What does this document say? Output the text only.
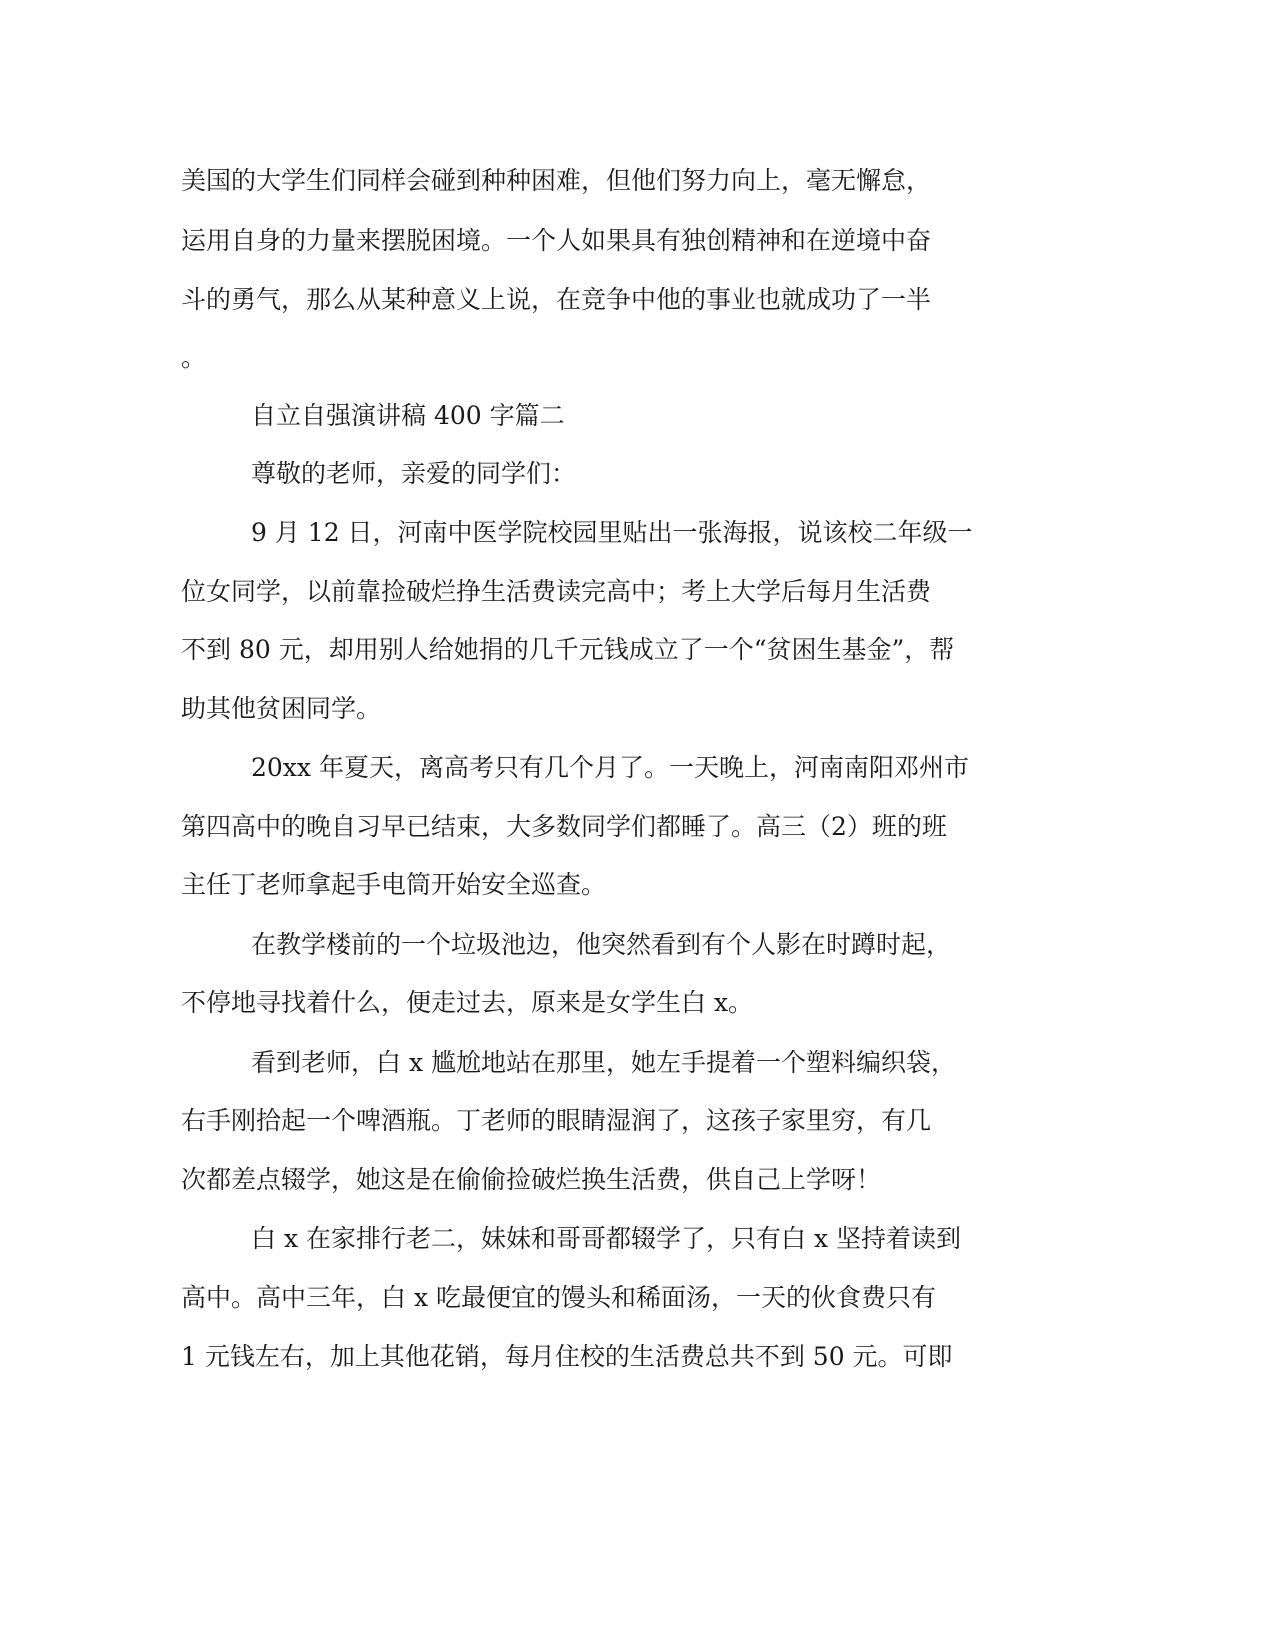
美国的大学生们同样会碰到种种困难，但他们努力向上，毫无懈怠，

运用自身的力量来摆脱困境。一个人如果具有独创精神和在逆境中奋

斗的勇气，那么从某种意义上说，在竞争中他的事业也就成功了一半

。

自立自强演讲稿 400 字篇二

尊敬的老师，亲爱的同学们：

9 月 12 日，河南中医学院校园里贴出一张海报，说该校二年级一

位女同学，以前靠捡破烂挣生活费读完高中；考上大学后每月生活费

不到 80 元，却用别人给她捐的几千元钱成立了一个“贫困生基金”，帮

助其他贫困同学。

20xx 年夏天，离高考只有几个月了。一天晚上，河南南阳邓州市

第四高中的晚自习早已结束，大多数同学们都睡了。高三（2）班的班

主任丁老师拿起手电筒开始安全巡查。

在教学楼前的一个垃圾池边，他突然看到有个人影在时蹲时起，

不停地寻找着什么，便走过去，原来是女学生白 x。

看到老师，白 x 尴尬地站在那里，她左手提着一个塑料编织袋，

右手刚拾起一个啤酒瓶。丁老师的眼睛湿润了，这孩子家里穷，有几

次都差点辍学，她这是在偷偷捡破烂换生活费，供自己上学呀！

白 x 在家排行老二，妹妹和哥哥都辍学了，只有白 x 坚持着读到

高中。高中三年，白 x 吃最便宜的馒头和稀面汤，一天的伙食费只有

1 元钱左右，加上其他花销，每月住校的生活费总共不到 50 元。可即
